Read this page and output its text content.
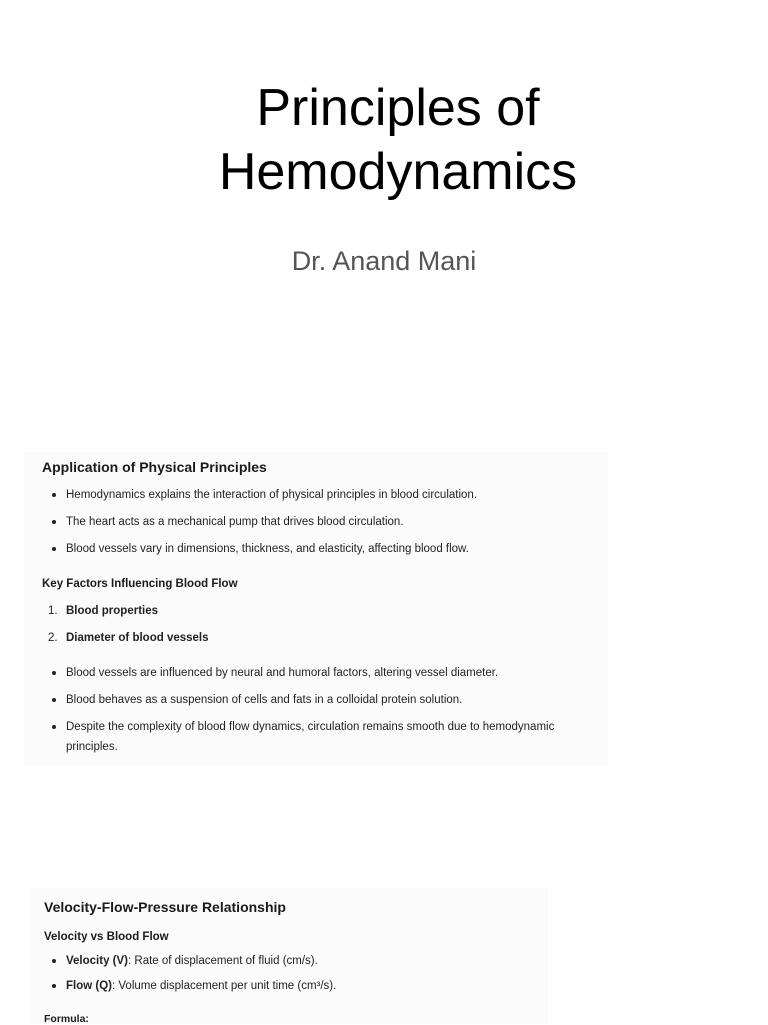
Principles of
Hemodynamics
Dr. Anand Mani
Application of Physical Principles
Hemodynamics explains the interaction of physical principles in blood circulation.
The heart acts as a mechanical pump that drives blood circulation.
Blood vessels vary in dimensions, thickness, and elasticity, affecting blood flow.
Key Factors Influencing Blood Flow
1. Blood properties
2. Diameter of blood vessels
Blood vessels are influenced by neural and humoral factors, altering vessel diameter.
Blood behaves as a suspension of cells and fats in a colloidal protein solution.
Despite the complexity of blood flow dynamics, circulation remains smooth due to hemodynamic
principles.
Velocity-Flow-Pressure Relationship
Velocity vs Blood Flow
Velocity (V): Rate of displacement of fluid (cm/s).
Flow (Q): Volume displacement per unit time (cm³/s).
Formula:
